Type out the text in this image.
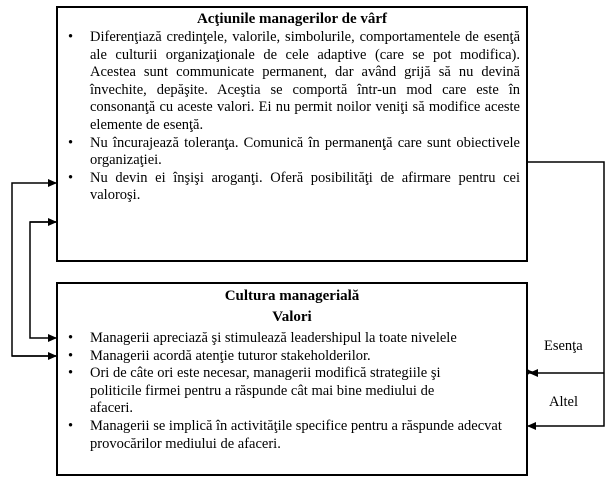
Acţiunile managerilor de vârf
• Diferenţiază credinţele, valorile, simbolurile, comportamentele de esenţă ale culturii organizaţionale de cele adaptive (care se pot modifica). Acestea sunt communicate permanent, dar având grijă să nu devină învechite, depăşite. Aceştia se comportă într-un mod care este în consonanţă cu aceste valori. Ei nu permit noilor veniţi să modifice aceste elemente de esenţă.
• Nu încurajează toleranţa. Comunică în permanenţă care sunt obiectivele organizaţiei.
• Nu devin ei înşişi aroganţi. Oferă posibilităţi de afirmare pentru cei valoroşi.
Cultura managerială
Valori
• Managerii apreciază şi stimulează leadershipul la toate nivelele
• Managerii acordă atenţie tuturor stakeholderilor.
• Ori de câte ori este necesar, managerii modifică strategiile şi politicile firmei pentru a răspunde cât mai bine mediului de afaceri.
• Managerii se implică în activităţile specifice pentru a răspunde adecvat provocărilor mediului de afaceri.
Esenţa
Altel
